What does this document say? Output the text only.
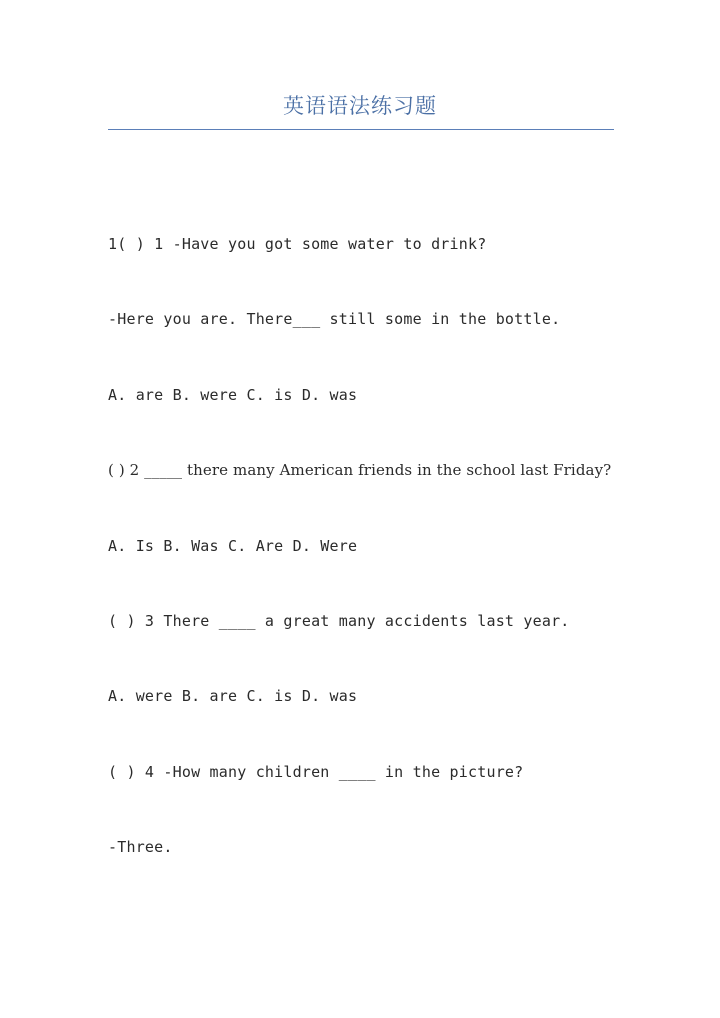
英语语法练习题
1( ) 1 -Have you got some water to drink?
-Here you are. There___ still some in the bottle.
A. are B. were C. is D. was
( ) 2 _____ there many American friends in the school last Friday?
A. Is B. Was C. Are D. Were
( ) 3 There ____ a great many accidents last year.
A. were B. are C. is D. was
( ) 4 -How many children ____ in the picture?
-Three.
